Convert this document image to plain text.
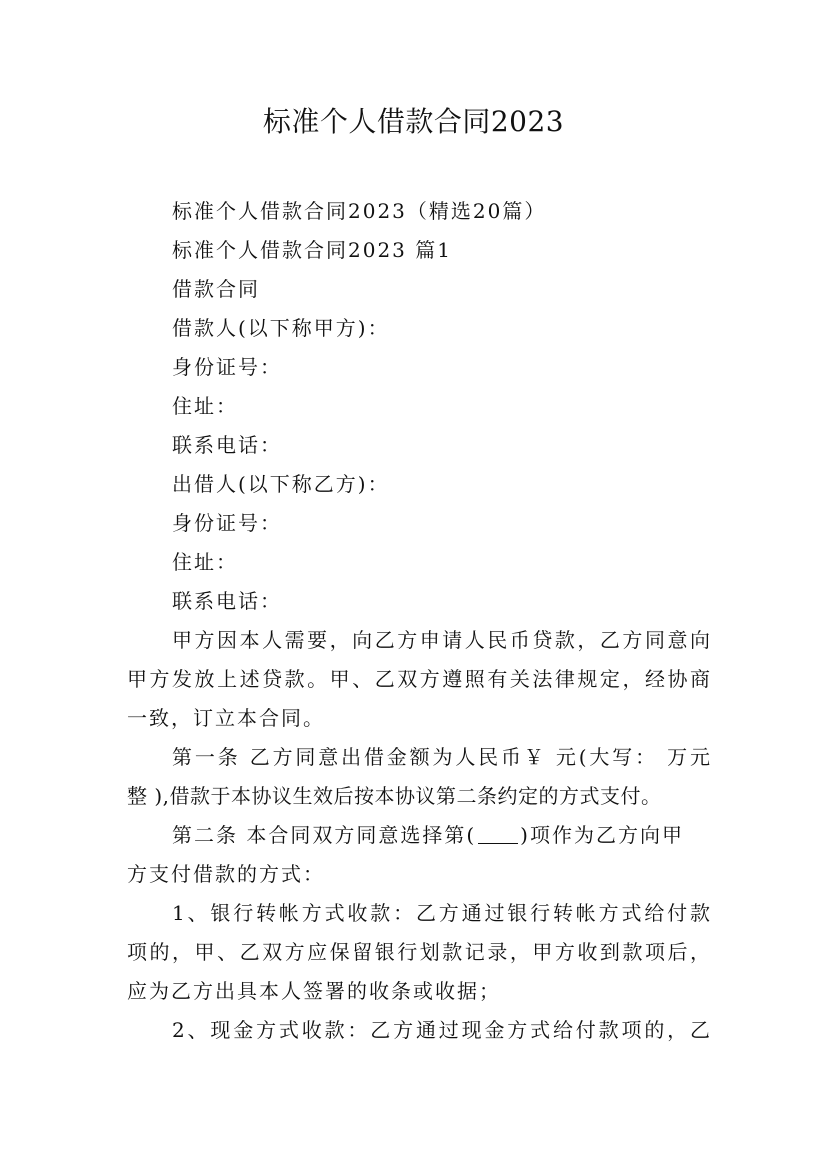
标准个人借款合同2023
标准个人借款合同2023（精选20篇）
标准个人借款合同2023 篇1
借款合同
借款人(以下称甲方)：
身份证号：
住址：
联系电话：
出借人(以下称乙方)：
身份证号：
住址：
联系电话：
甲方因本人需要，向乙方申请人民币贷款，乙方同意向
甲方发放上述贷款。甲、乙双方遵照有关法律规定，经协商
一致，订立本合同。
第一条 乙方同意出借金额为人民币￥ 元(大写： 万元
整 ),借款于本协议生效后按本协议第二条约定的方式支付。
第二条 本合同双方同意选择第( )项作为乙方向甲
方支付借款的方式：
1、银行转帐方式收款：乙方通过银行转帐方式给付款
项的，甲、乙双方应保留银行划款记录，甲方收到款项后，
应为乙方出具本人签署的收条或收据；
2、现金方式收款：乙方通过现金方式给付款项的，乙
